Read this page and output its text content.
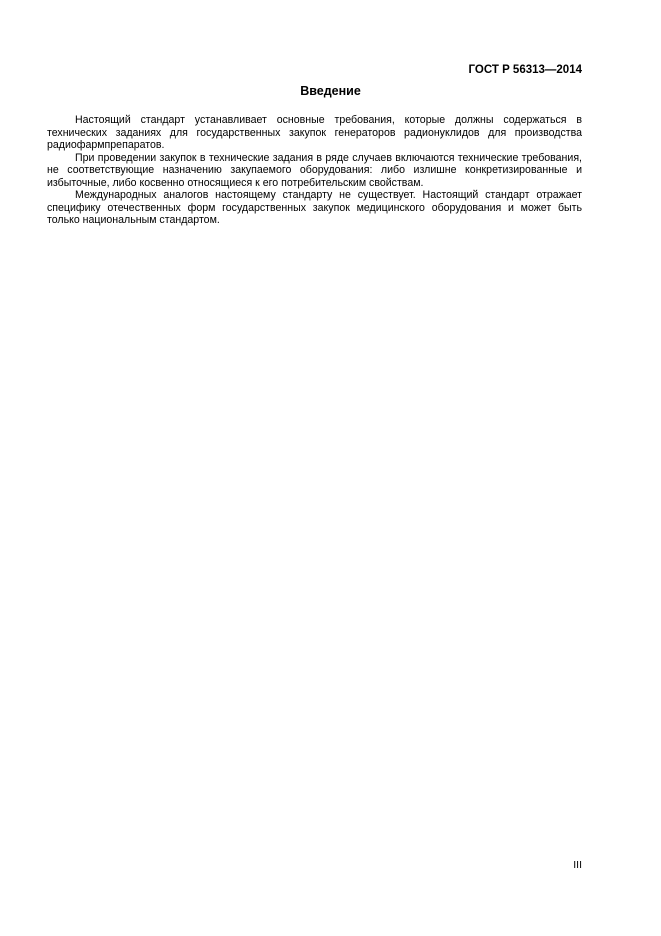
ГОСТ Р 56313—2014
Введение

Настоящий стандарт устанавливает основные требования, которые должны содержаться в технических заданиях для государственных закупок генераторов радионуклидов для производства радиофармпрепаратов.

При проведении закупок в технические задания в ряде случаев включаются технические требования, не соответствующие назначению закупаемого оборудования: либо излишне конкретизированные и избыточные, либо косвенно относящиеся к его потребительским свойствам.

Международных аналогов настоящему стандарту не существует. Настоящий стандарт отражает специфику отечественных форм государственных закупок медицинского оборудования и может быть только национальным стандартом.

III
